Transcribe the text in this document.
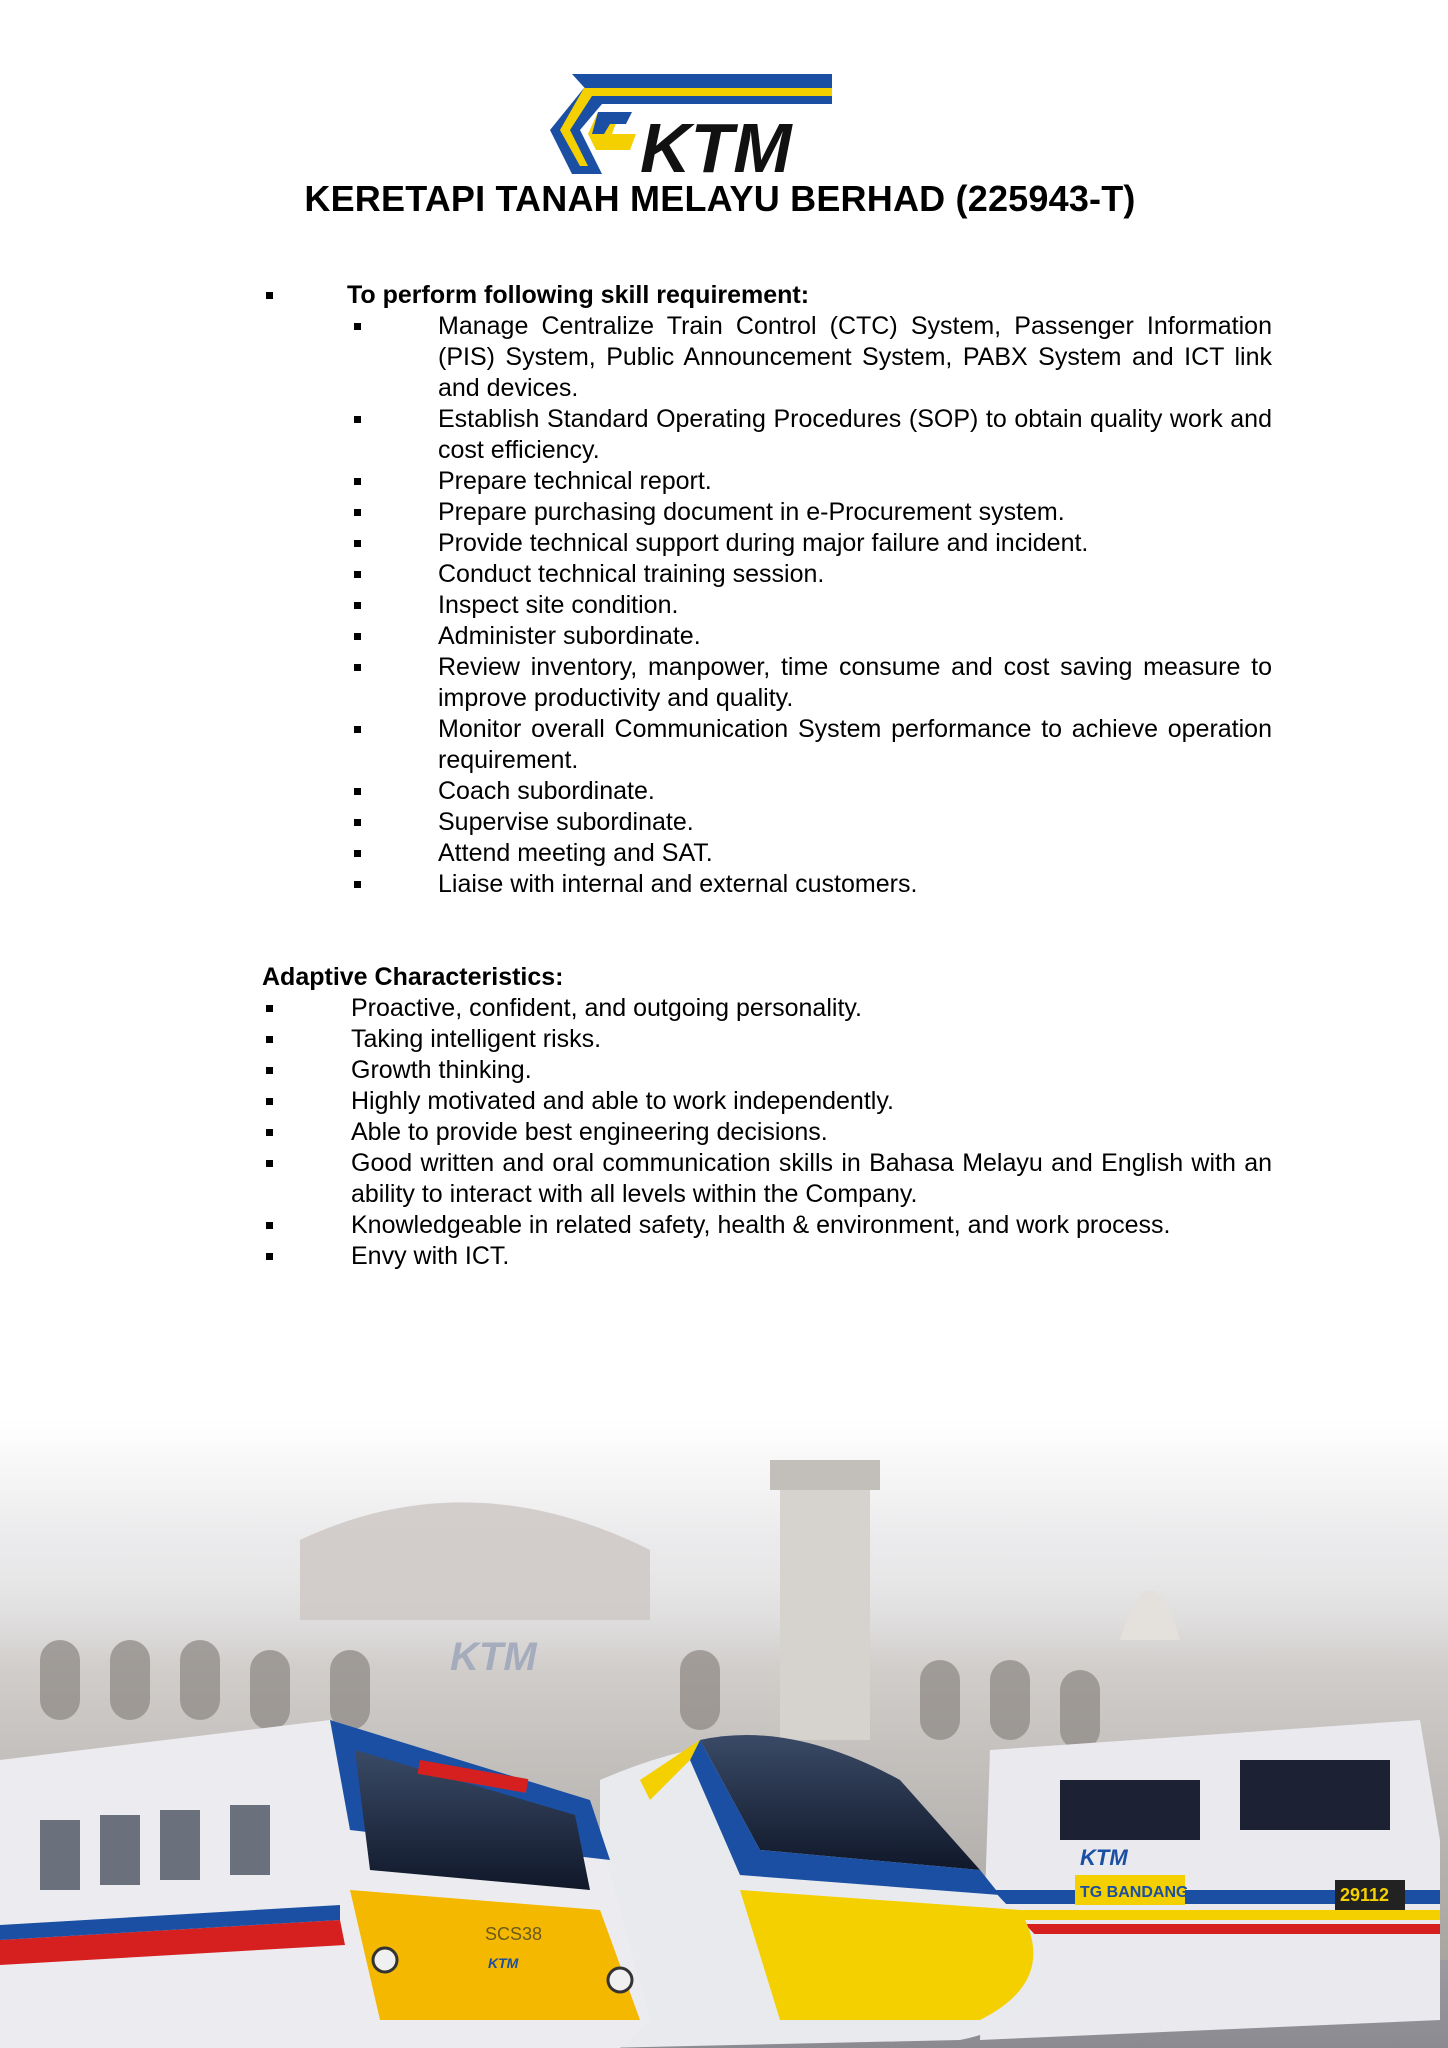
KTM
KERETAPI TANAH MELAYU BERHAD (225943-T)
To perform following skill requirement:
Manage Centralize Train Control (CTC) System, Passenger Information (PIS) System, Public Announcement System, PABX System and ICT link and devices.
Establish Standard Operating Procedures (SOP) to obtain quality work and cost efficiency.
Prepare technical report.
Prepare purchasing document in e-Procurement system.
Provide technical support during major failure and incident.
Conduct technical training session.
Inspect site condition.
Administer subordinate.
Review inventory, manpower, time consume and cost saving measure to improve productivity and quality.
Monitor overall Communication System performance to achieve operation requirement.
Coach subordinate.
Supervise subordinate.
Attend meeting and SAT.
Liaise with internal and external customers.
Adaptive Characteristics:
Proactive, confident, and outgoing personality.
Taking intelligent risks.
Growth thinking.
Highly motivated and able to work independently.
Able to provide best engineering decisions.
Good written and oral communication skills in Bahasa Melayu and English with an ability to interact with all levels within the Company.
Knowledgeable in related safety, health & environment, and work process.
Envy with ICT.
KTM
TG BANDANG	29112
KTM
SCS38
KTM
